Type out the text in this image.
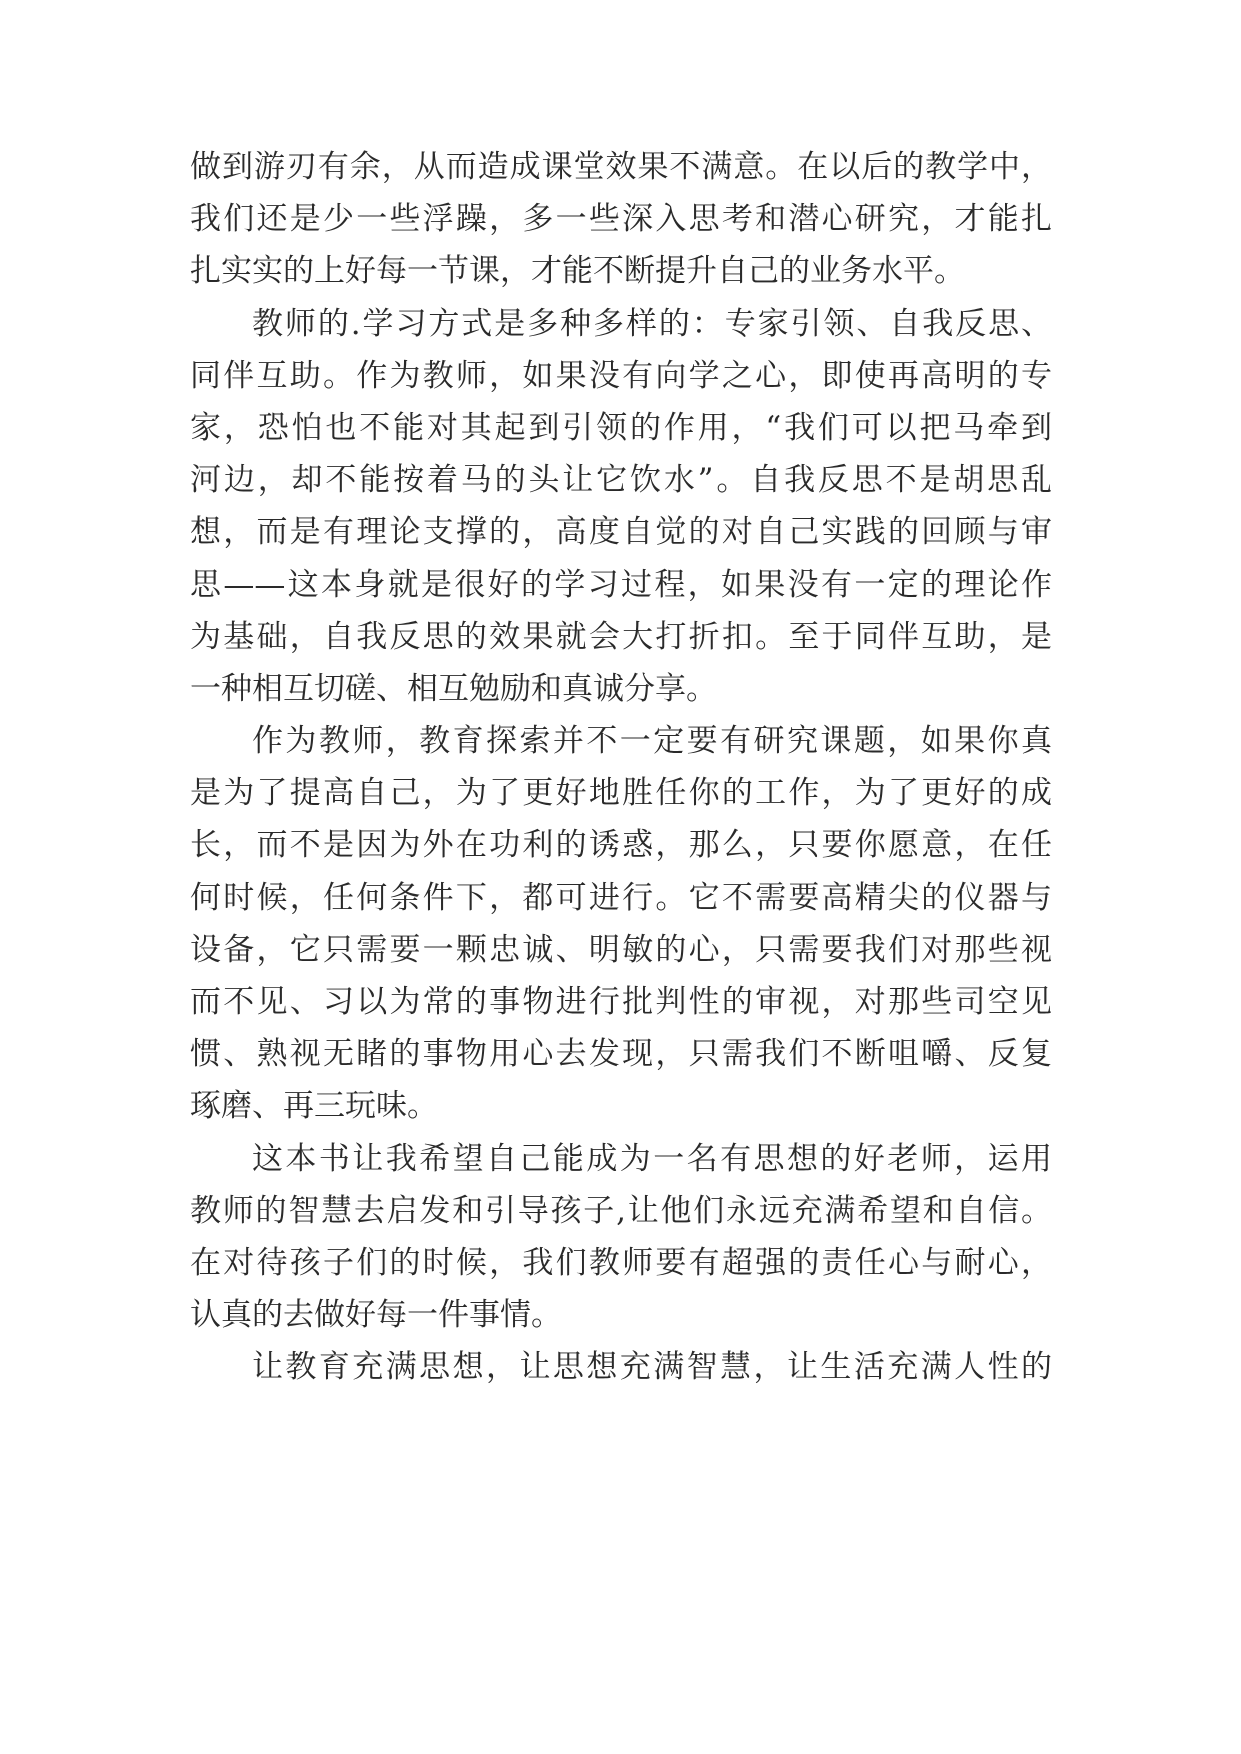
做到游刃有余，从而造成课堂效果不满意。在以后的教学中，
我们还是少一些浮躁，多一些深入思考和潜心研究，才能扎
扎实实的上好每一节课，才能不断提升自己的业务水平。
教师的.学习方式是多种多样的：专家引领、自我反思、
同伴互助。作为教师，如果没有向学之心，即使再高明的专
家，恐怕也不能对其起到引领的作用，“我们可以把马牵到
河边，却不能按着马的头让它饮水”。自我反思不是胡思乱
想，而是有理论支撑的，高度自觉的对自己实践的回顾与审
思——这本身就是很好的学习过程，如果没有一定的理论作
为基础，自我反思的效果就会大打折扣。至于同伴互助，是
一种相互切磋、相互勉励和真诚分享。
作为教师，教育探索并不一定要有研究课题，如果你真
是为了提高自己，为了更好地胜任你的工作，为了更好的成
长，而不是因为外在功利的诱惑，那么，只要你愿意，在任
何时候，任何条件下，都可进行。它不需要高精尖的仪器与
设备，它只需要一颗忠诚、明敏的心，只需要我们对那些视
而不见、习以为常的事物进行批判性的审视，对那些司空见
惯、熟视无睹的事物用心去发现，只需我们不断咀嚼、反复
琢磨、再三玩味。
这本书让我希望自己能成为一名有思想的好老师，运用
教师的智慧去启发和引导孩子,让他们永远充满希望和自信。
在对待孩子们的时候，我们教师要有超强的责任心与耐心，
认真的去做好每一件事情。
让教育充满思想，让思想充满智慧，让生活充满人性的
